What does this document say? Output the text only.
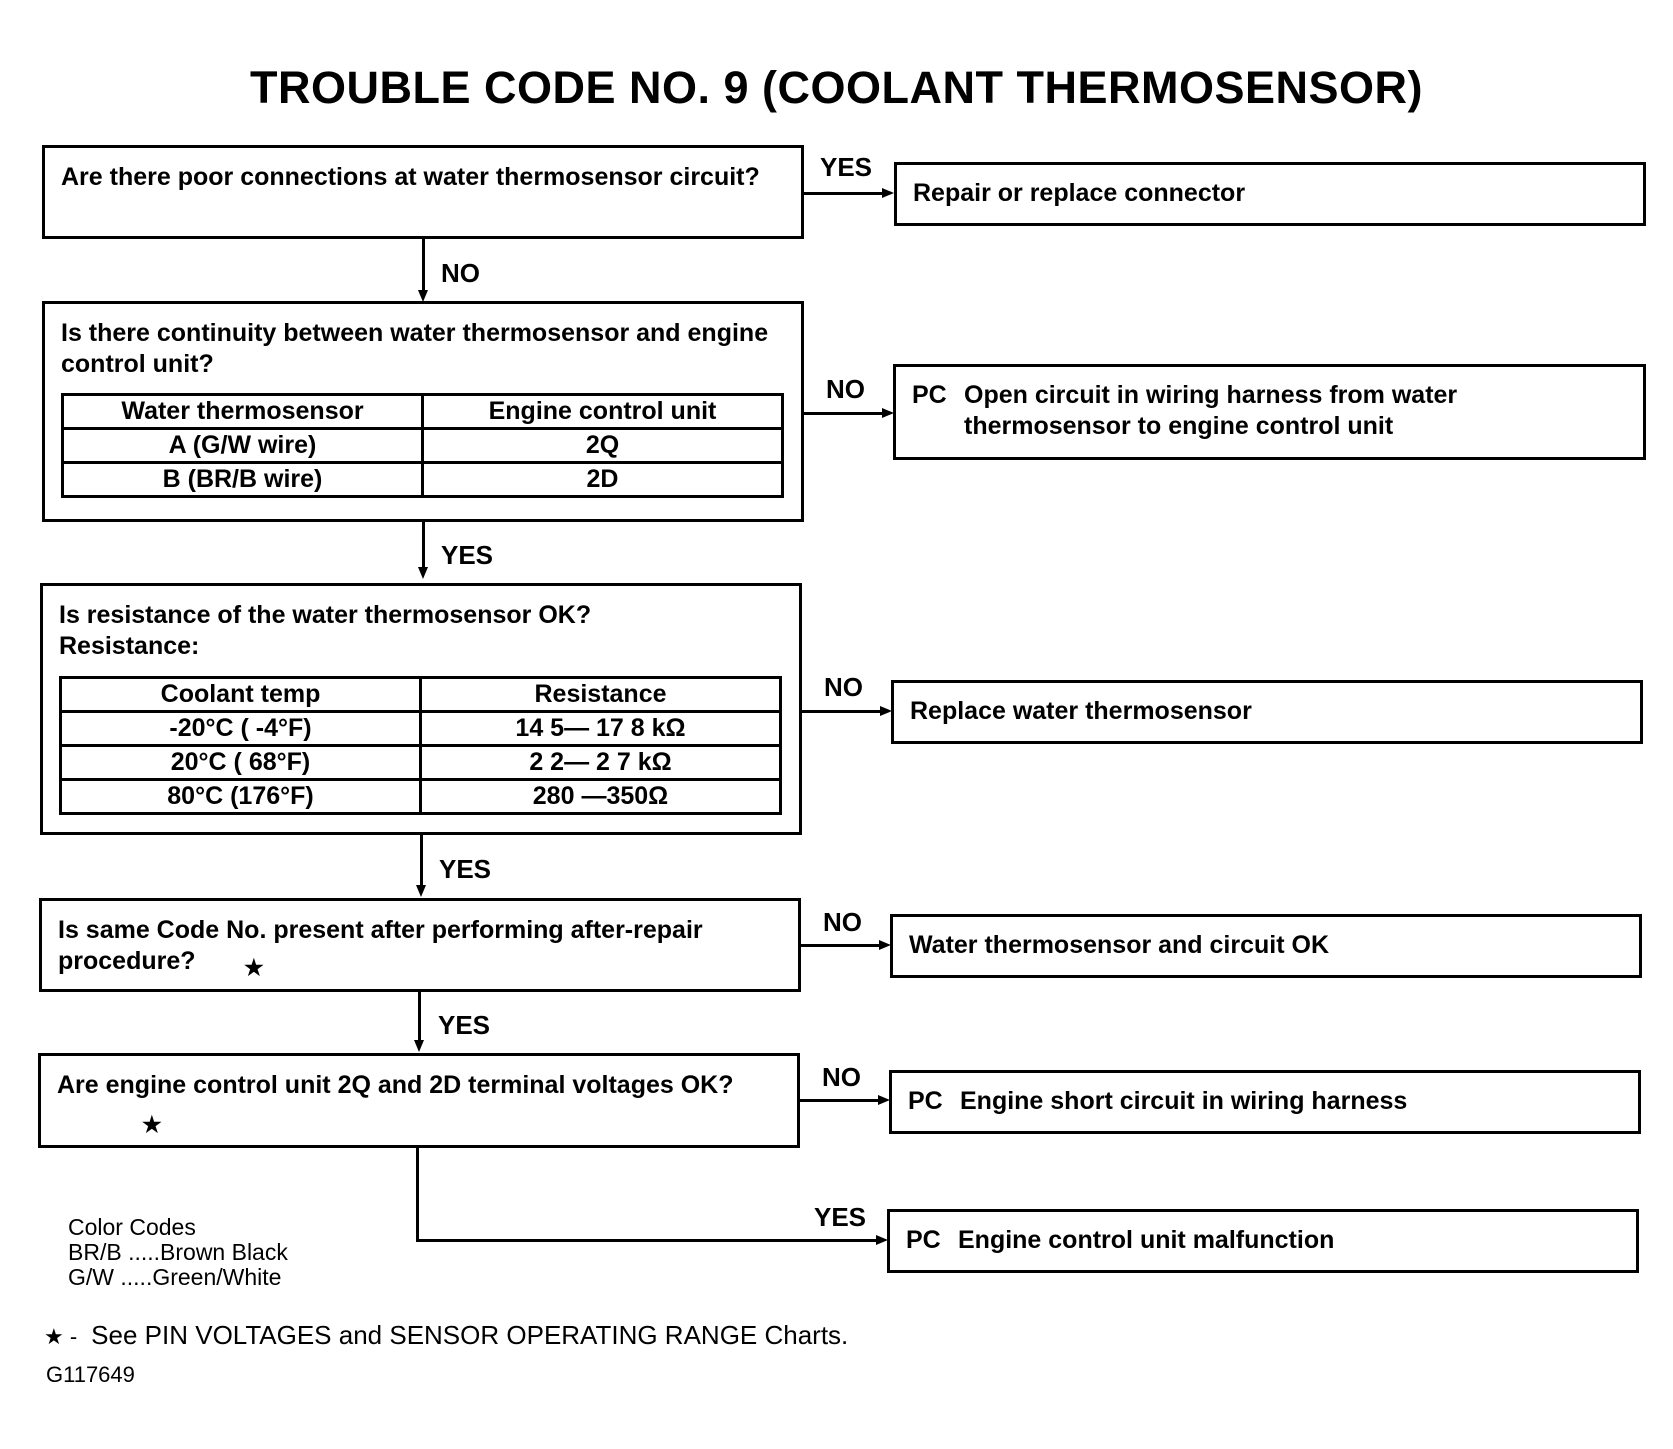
TROUBLE CODE NO. 9 (COOLANT THERMOSENSOR)
Are there poor connections at water thermosensor circuit?	YES
Repair or replace connector
NO
Is there continuity between water thermosensor and engine control unit?
Water thermosensor	Engine control unit
A (G/W wire)	2Q
B (BR/B wire)	2D
NO PC Open circuit in wiring harness from water thermosensor to engine control unit
YES
Is resistance of the water thermosensor OK?
Resistance:
Coolant temp	Resistance
-20°C ( -4°F)	14 5— 17 8 kΩ
20°C ( 68°F)	2 2— 2 7 kΩ
80°C (176°F)	280 —350Ω
NO
Replace water thermosensor
YES
Is same Code No. present after performing after-repair procedure?	★
NO
Water thermosensor and circuit OK
YES
Are engine control unit 2Q and 2D terminal voltages OK?
★
NO
PC Engine short circuit in wiring harness
YES
PC Engine control unit malfunction
Color Codes
BR/B .....Brown Black
G/W .....Green/White
★ - See PIN VOLTAGES and SENSOR OPERATING RANGE Charts.
G117649
